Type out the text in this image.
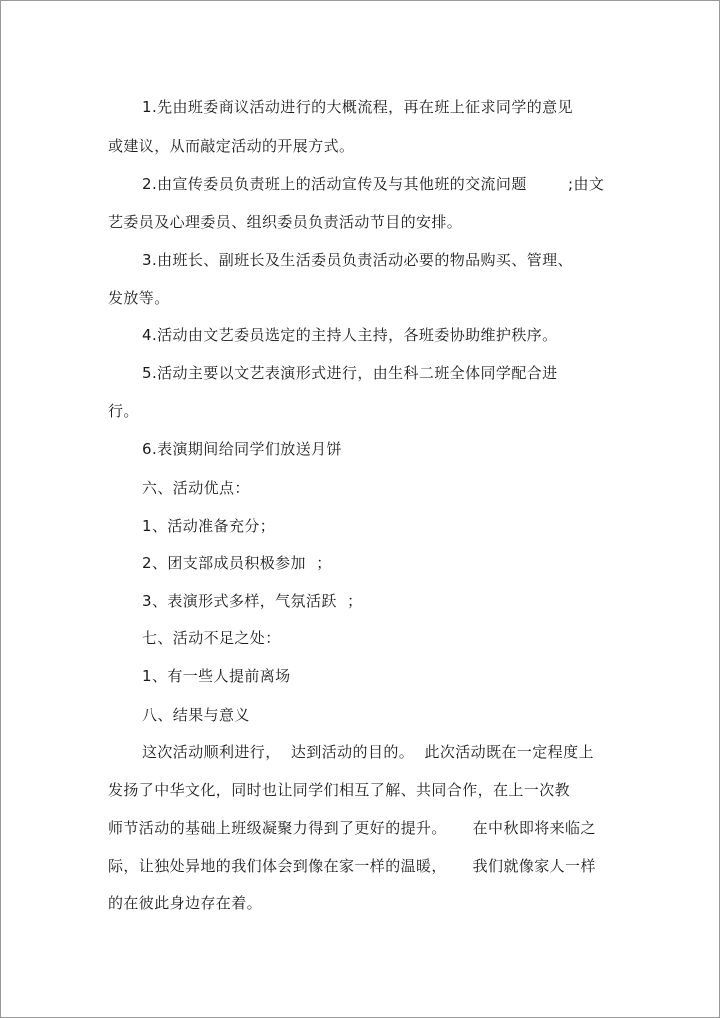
1.先由班委商议活动进行的大概流程，再在班上征求同学的意见
或建议，从而敲定活动的开展方式。
2.由宣传委员负责班上的活动宣传及与其他班的交流问题        ;由文
艺委员及心理委员、组织委员负责活动节目的安排。
3.由班长、副班长及生活委员负责活动必要的物品购买、管理、
发放等。
4.活动由文艺委员选定的主持人主持，各班委协助维护秩序。
5.活动主要以文艺表演形式进行，由生科二班全体同学配合进
行。
6.表演期间给同学们放送月饼
六、活动优点：
1、活动准备充分；
2、团支部成员积极参加  ；
3、表演形式多样，气氛活跃  ；
七、活动不足之处：
1、有一些人提前离场
八、结果与意义
这次活动顺利进行，  达到活动的目的。  此次活动既在一定程度上
发扬了中华文化，同时也让同学们相互了解、共同合作，在上一次教
师节活动的基础上班级凝聚力得到了更好的提升。     在中秋即将来临之
际，让独处异地的我们体会到像在家一样的温暖，     我们就像家人一样
的在彼此身边存在着。
